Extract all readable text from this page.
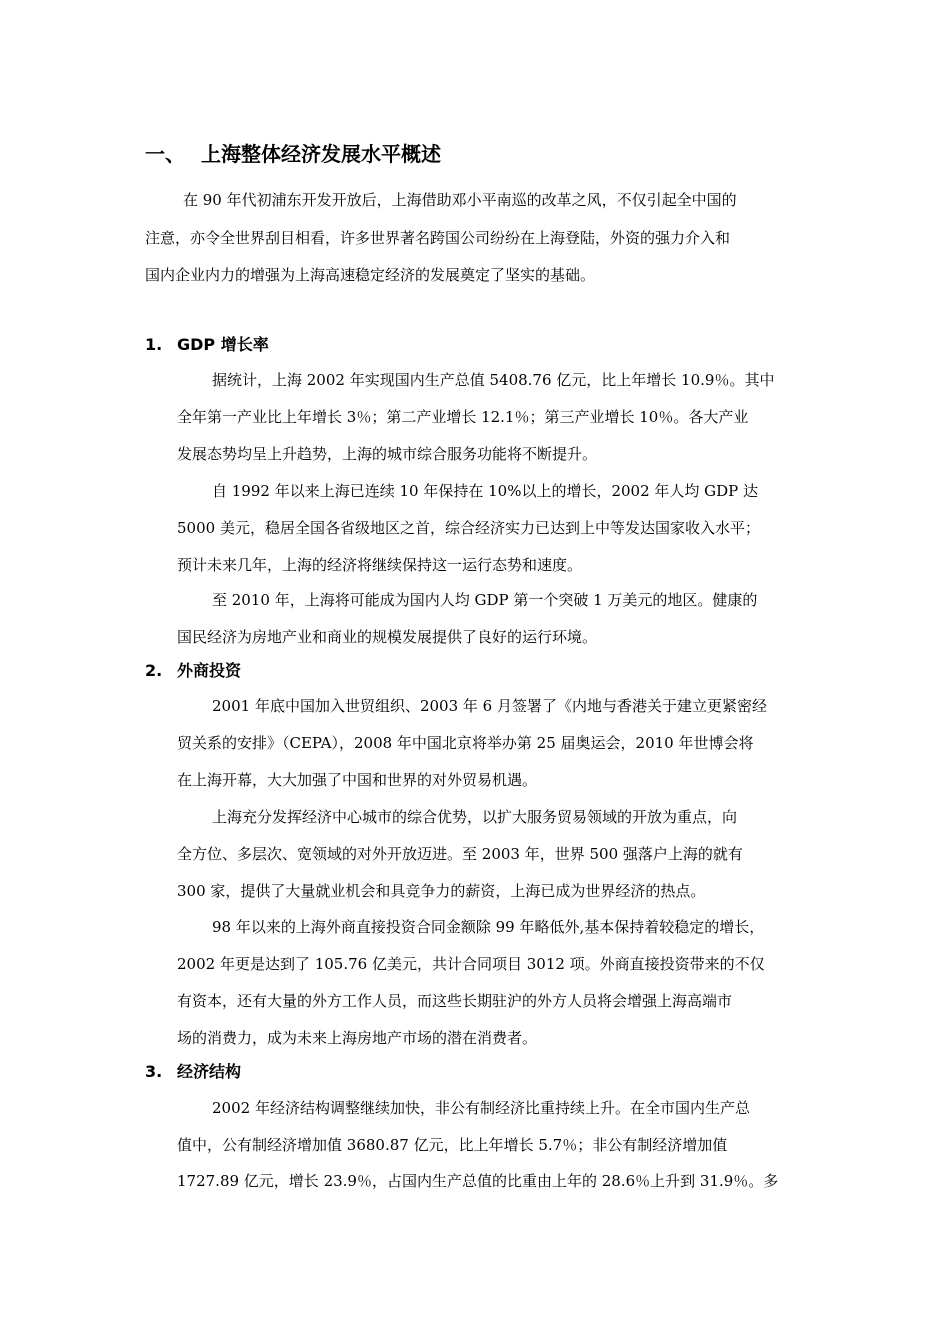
一、 上海整体经济发展水平概述
在 90 年代初浦东开发开放后，上海借助邓小平南巡的改革之风，不仅引起全中国的
注意，亦令全世界刮目相看，许多世界著名跨国公司纷纷在上海登陆，外资的强力介入和
国内企业内力的增强为上海高速稳定经济的发展奠定了坚实的基础。
1. GDP 增长率
据统计，上海 2002 年实现国内生产总值 5408.76 亿元，比上年增长 10.9％。其中
全年第一产业比上年增长 3％；第二产业增长 12.1％；第三产业增长 10％。各大产业
发展态势均呈上升趋势，上海的城市综合服务功能将不断提升。
自 1992 年以来上海已连续 10 年保持在 10%以上的增长，2002 年人均 GDP 达
5000 美元，稳居全国各省级地区之首，综合经济实力已达到上中等发达国家收入水平；
预计未来几年，上海的经济将继续保持这一运行态势和速度。
至 2010 年，上海将可能成为国内人均 GDP 第一个突破 1 万美元的地区。健康的
国民经济为房地产业和商业的规模发展提供了良好的运行环境。
2. 外商投资
2001 年底中国加入世贸组织、2003 年 6 月签署了《内地与香港关于建立更紧密经
贸关系的安排》（CEPA），2008 年中国北京将举办第 25 届奥运会，2010 年世博会将
在上海开幕，大大加强了中国和世界的对外贸易机遇。
上海充分发挥经济中心城市的综合优势，以扩大服务贸易领域的开放为重点，向
全方位、多层次、宽领域的对外开放迈进。至 2003 年，世界 500 强落户上海的就有
300 家，提供了大量就业机会和具竞争力的薪资，上海已成为世界经济的热点。
98 年以来的上海外商直接投资合同金额除 99 年略低外,基本保持着较稳定的增长，
2002 年更是达到了 105.76 亿美元，共计合同项目 3012 项。外商直接投资带来的不仅
有资本，还有大量的外方工作人员，而这些长期驻沪的外方人员将会增强上海高端市
场的消费力，成为未来上海房地产市场的潜在消费者。
3. 经济结构
2002 年经济结构调整继续加快，非公有制经济比重持续上升。在全市国内生产总
值中，公有制经济增加值 3680.87 亿元，比上年增长 5.7％；非公有制经济增加值
1727.89 亿元，增长 23.9％，占国内生产总值的比重由上年的 28.6％上升到 31.9％。多
